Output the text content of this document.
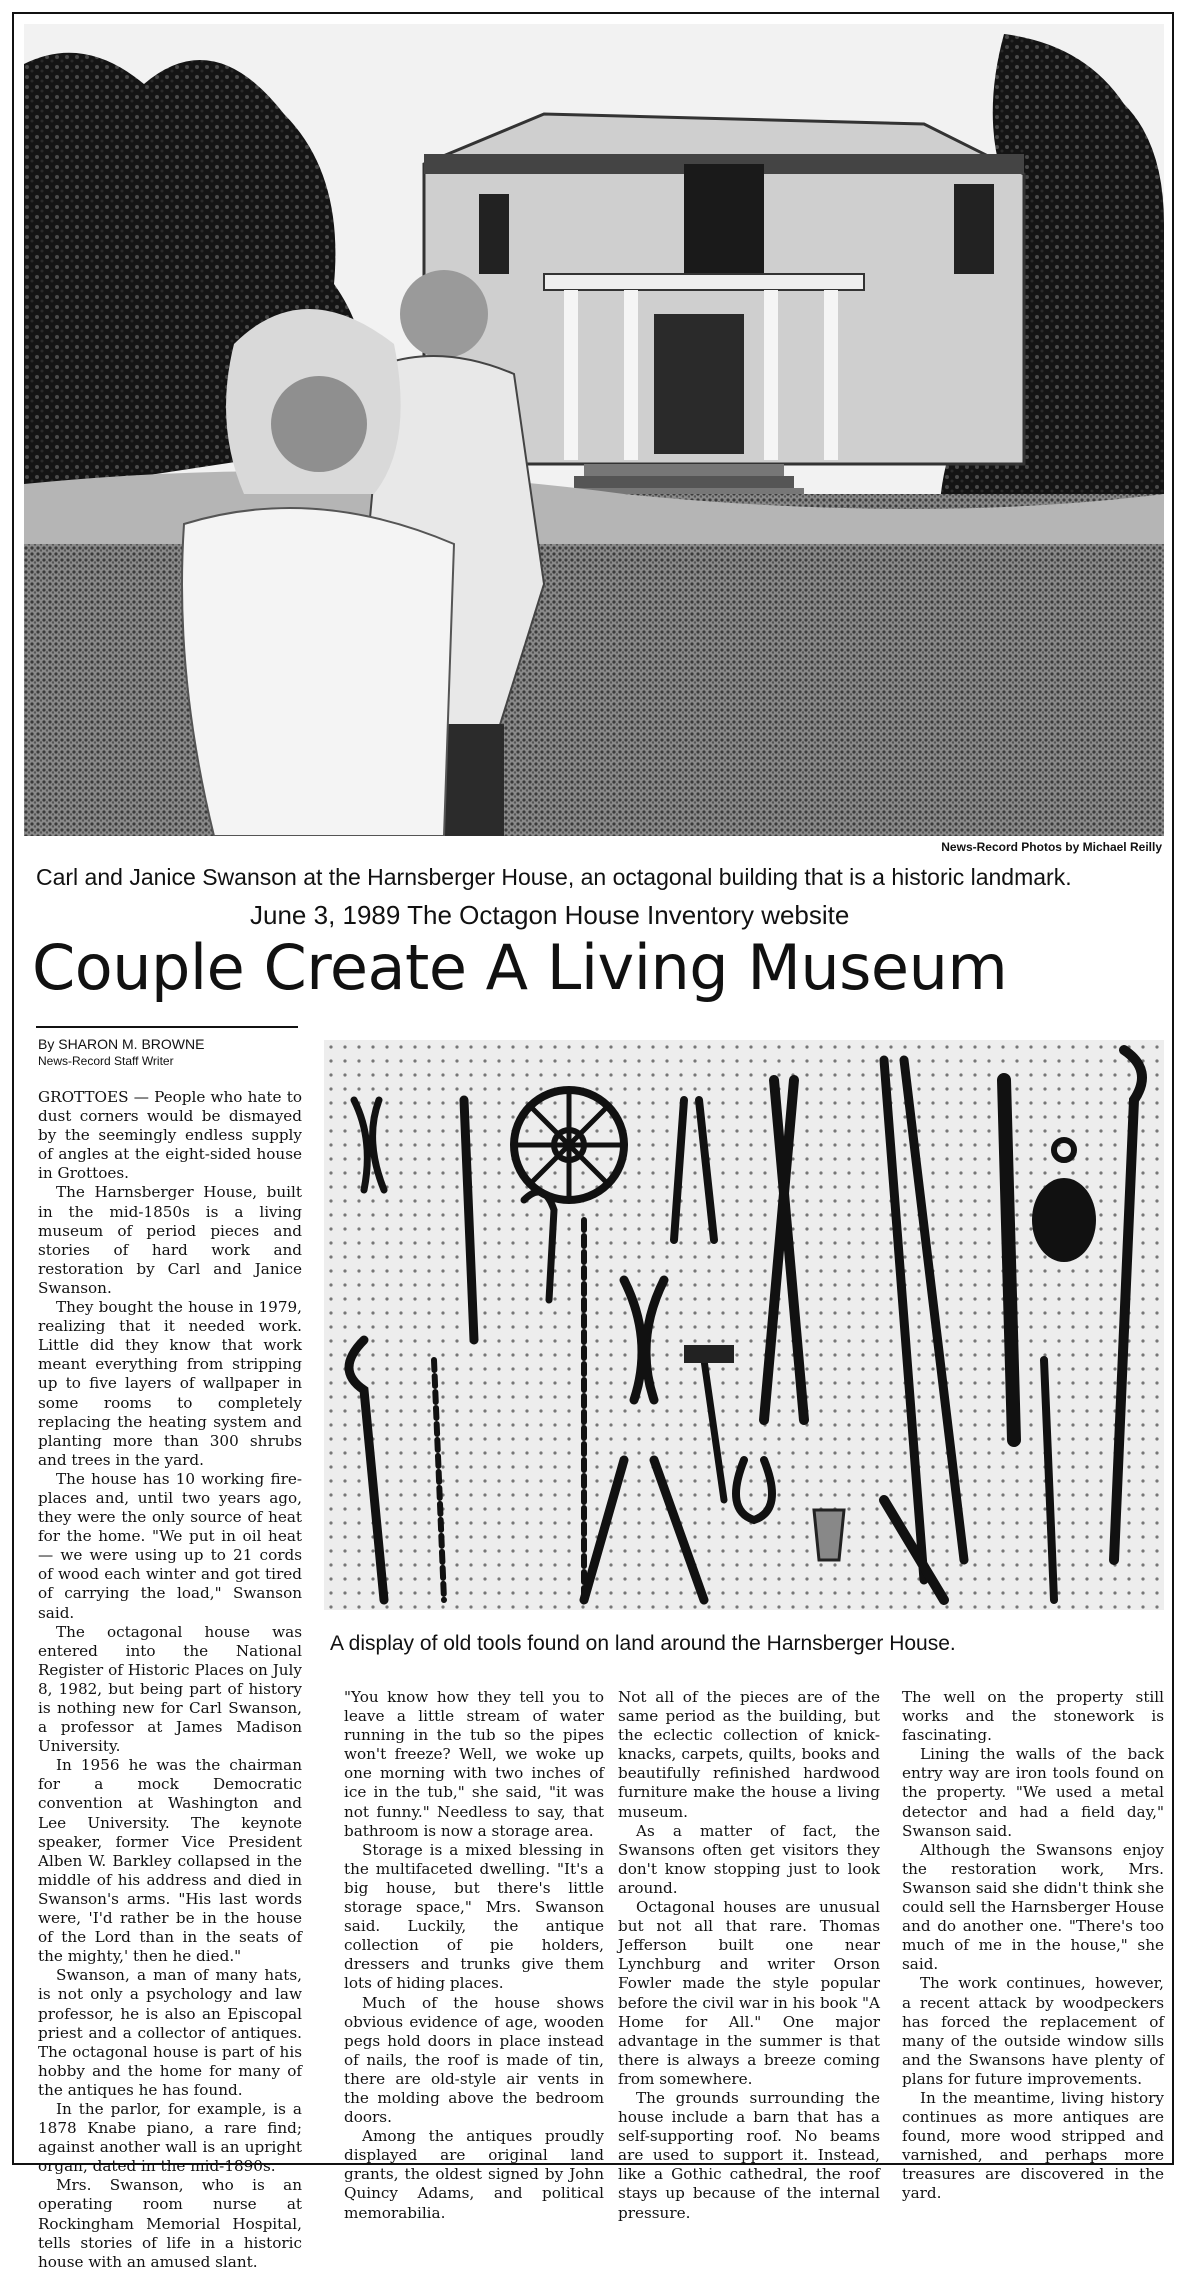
News-Record Photos by Michael Reilly
Carl and Janice Swanson at the Harnsberger House, an octagonal building that is a historic landmark.
June 3, 1989 The Octagon House Inventory website
Couple Create A Living Museum
By SHARON M. BROWNE
News-Record Staff Writer
A display of old tools found on land around the Harnsberger House.

GROTTOES — People who hate to dust corners would be dismayed by the seemingly endless supply of angles at the eight-sided house in Grottoes.

The Harnsberger House, built in the mid-1850s is a living museum of period pieces and stories of hard work and restoration by Carl and Janice Swanson.

They bought the house in 1979, realizing that it needed work. Little did they know that work meant everything from stripping up to five layers of wallpaper in some rooms to completely replacing the heating system and planting more than 300 shrubs and trees in the yard.

The house has 10 working fire-places and, until two years ago, they were the only source of heat for the home. "We put in oil heat — we were using up to 21 cords of wood each winter and got tired of carrying the load," Swanson said.

The octagonal house was entered into the National Register of Historic Places on July 8, 1982, but being part of history is nothing new for Carl Swanson, a professor at James Madison University.

In 1956 he was the chairman for a mock Democratic convention at Washington and Lee University. The keynote speaker, former Vice President Alben W. Barkley collapsed in the middle of his address and died in Swanson's arms. "His last words were, 'I'd rather be in the house of the Lord than in the seats of the mighty,' then he died."

Swanson, a man of many hats, is not only a psychology and law professor, he is also an Episcopal priest and a collector of antiques. The octagonal house is part of his hobby and the home for many of the antiques he has found.

In the parlor, for example, is a 1878 Knabe piano, a rare find; against another wall is an upright organ, dated in the mid-1890s.

Mrs. Swanson, who is an operating room nurse at Rockingham Memorial Hospital, tells stories of life in a historic house with an amused slant.

"You know how they tell you to leave a little stream of water running in the tub so the pipes won't freeze? Well, we woke up one morning with two inches of ice in the tub," she said, "it was not funny." Needless to say, that bathroom is now a storage area.

Storage is a mixed blessing in the multifaceted dwelling. "It's a big house, but there's little storage space," Mrs. Swanson said. Luckily, the antique collection of pie holders, dressers and trunks give them lots of hiding places.

Much of the house shows obvious evidence of age, wooden pegs hold doors in place instead of nails, the roof is made of tin, there are old-style air vents in the molding above the bedroom doors.

Among the antiques proudly displayed are original land grants, the oldest signed by John Quincy Adams, and political memorabilia.

Not all of the pieces are of the same period as the building, but the eclectic collection of knick-knacks, carpets, quilts, books and beautifully refinished hardwood furniture make the house a living museum.

As a matter of fact, the Swansons often get visitors they don't know stopping just to look around.

Octagonal houses are unusual but not all that rare. Thomas Jefferson built one near Lynchburg and writer Orson Fowler made the style popular before the civil war in his book "A Home for All." One major advantage in the summer is that there is always a breeze coming from somewhere.

The grounds surrounding the house include a barn that has a self-supporting roof. No beams are used to support it. Instead, like a Gothic cathedral, the roof stays up because of the internal pressure.

The well on the property still works and the stonework is fascinating.

Lining the walls of the back entry way are iron tools found on the property. "We used a metal detector and had a field day," Swanson said.

Although the Swansons enjoy the restoration work, Mrs. Swanson said she didn't think she could sell the Harnsberger House and do another one. "There's too much of me in the house," she said.

The work continues, however, a recent attack by woodpeckers has forced the replacement of many of the outside window sills and the Swansons have plenty of plans for future improvements.

In the meantime, living history continues as more antiques are found, more wood stripped and varnished, and perhaps more treasures are discovered in the yard.
